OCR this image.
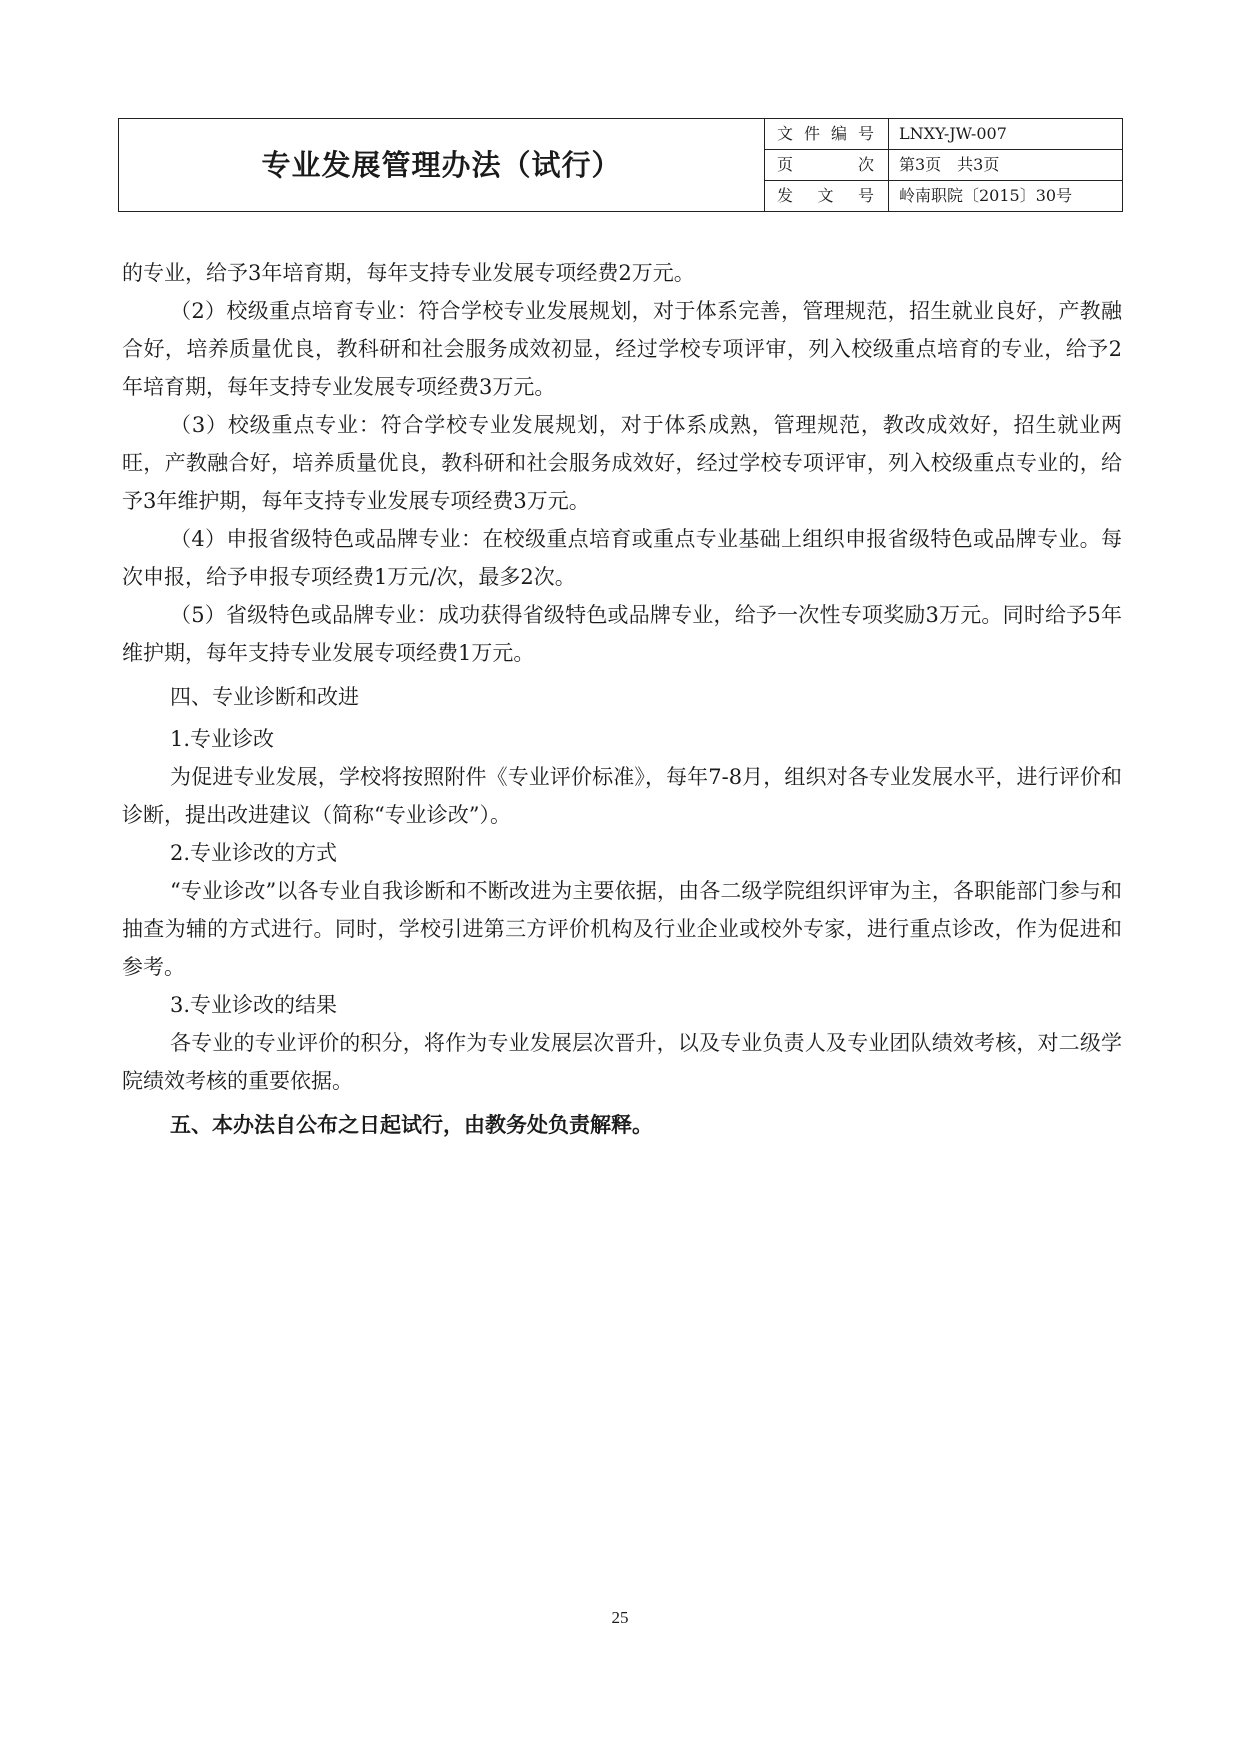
专业发展管理办法（试行）	文件编号	LNXY-JW-007
	页次	第3页　共3页
	发文号	岭南职院〔2015〕30号

的专业，给予3年培育期，每年支持专业发展专项经费2万元。

（2）校级重点培育专业：符合学校专业发展规划，对于体系完善，管理规范，招生就业良好，产教融合好，培养质量优良，教科研和社会服务成效初显，经过学校专项评审，列入校级重点培育的专业，给予2年培育期，每年支持专业发展专项经费3万元。

（3）校级重点专业：符合学校专业发展规划，对于体系成熟，管理规范，教改成效好，招生就业两旺，产教融合好，培养质量优良，教科研和社会服务成效好，经过学校专项评审，列入校级重点专业的，给予3年维护期，每年支持专业发展专项经费3万元。

（4）申报省级特色或品牌专业：在校级重点培育或重点专业基础上组织申报省级特色或品牌专业。每次申报，给予申报专项经费1万元/次，最多2次。

（5）省级特色或品牌专业：成功获得省级特色或品牌专业，给予一次性专项奖励3万元。同时给予5年维护期，每年支持专业发展专项经费1万元。

四、专业诊断和改进

1.专业诊改

为促进专业发展，学校将按照附件《专业评价标准》，每年7-8月，组织对各专业发展水平，进行评价和诊断，提出改进建议（简称“专业诊改”）。

2.专业诊改的方式

“专业诊改”以各专业自我诊断和不断改进为主要依据，由各二级学院组织评审为主，各职能部门参与和抽查为辅的方式进行。同时，学校引进第三方评价机构及行业企业或校外专家，进行重点诊改，作为促进和参考。

3.专业诊改的结果

各专业的专业评价的积分，将作为专业发展层次晋升，以及专业负责人及专业团队绩效考核，对二级学院绩效考核的重要依据。

五、本办法自公布之日起试行，由教务处负责解释。

25
